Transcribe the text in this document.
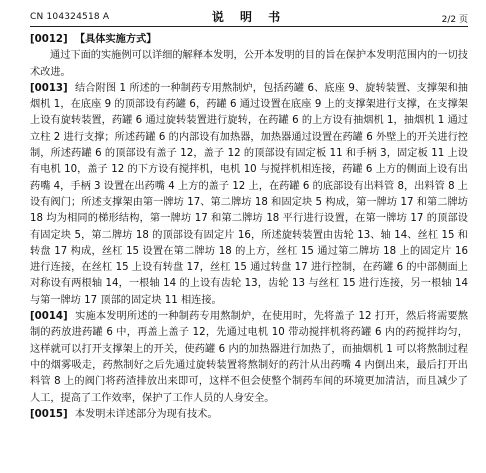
CN 104324518 A	说 明 书	2/2 页

[0012] 【具体实施方式】

通过下面的实施例可以详细的解释本发明，公开本发明的目的旨在保护本发明范围内的一切技术改进。

[0013] 结合附图 1 所述的一种制药专用熬制炉，包括药罐 6、底座 9、旋转装置、支撑架和抽烟机 1，在底座 9 的顶部设有药罐 6，药罐 6 通过设置在底座 9 上的支撑架进行支撑，在支撑架上设有旋转装置，药罐 6 通过旋转装置进行旋转，在药罐 6 的上方设有抽烟机 1，抽烟机 1 通过立柱 2 进行支撑；所述药罐 6 的内部设有加热器，加热器通过设置在药罐 6 外壁上的开关进行控制，所述药罐 6 的顶部设有盖子 12，盖子 12 的顶部设有固定板 11 和手柄 3，固定板 11 上设有电机 10，盖子 12 的下方设有搅拌机，电机 10 与搅拌机相连接，药罐 6 上方的侧面上设有出药嘴 4，手柄 3 设置在出药嘴 4 上方的盖子 12 上，在药罐 6 的底部设有出料管 8，出料管 8 上设有阀门；所述支撑架由第一牌坊 17、第二牌坊 18 和固定块 5 构成，第一牌坊 17 和第二牌坊 18 均为相同的梯形结构，第一牌坊 17 和第二牌坊 18 平行进行设置，在第一牌坊 17 的顶部设有固定块 5，第二牌坊 18 的顶部设有固定片 16，所述旋转装置由齿轮 13、轴 14、丝杠 15 和转盘 17 构成，丝杠 15 设置在第二牌坊 18 的上方，丝杠 15 通过第二牌坊 18 上的固定片 16 进行连接，在丝杠 15 上设有转盘 17，丝杠 15 通过转盘 17 进行控制，在药罐 6 的中部侧面上对称设有两根轴 14，一根轴 14 的上设有齿轮 13，齿轮 13 与丝杠 15 进行连接，另一根轴 14 与第一牌坊 17 顶部的固定块 11 相连接。

[0014] 实施本发明所述的一种制药专用熬制炉，在使用时，先将盖子 12 打开，然后将需要熬制的药放进药罐 6 中，再盖上盖子 12，先通过电机 10 带动搅拌机将药罐 6 内的药搅拌均匀，这样就可以打开支撑架上的开关，使药罐 6 内的加热器进行加热了，而抽烟机 1 可以将熬制过程中的烟雾吸走，药熬制好之后先通过旋转装置将熬制好的药汁从出药嘴 4 内倒出来，最后打开出料管 8 上的阀门将药渣排放出来即可，这样不但会使整个制药车间的环境更加清洁，而且减少了人工，提高了工作效率，保护了工作人员的人身安全。

[0015] 本发明未详述部分为现有技术。
